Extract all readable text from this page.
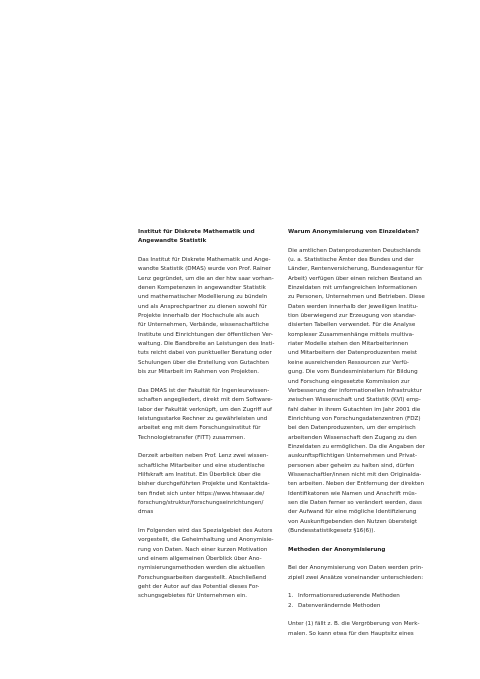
Institut für Diskrete Mathematik und
Angewandte Statistik
Das Institut für Diskrete Mathematik und Ange-
wandte Statistik (DMAS) wurde von Prof. Rainer
Lenz gegründet, um die an der htw saar vorhan-
denen Kompetenzen in angewandter Statistik
und mathematischer Modellierung zu bündeln
und als Ansprechpartner zu dienen sowohl für
Projekte innerhalb der Hochschule als auch
für Unternehmen, Verbände, wissenschaftliche
Institute und Einrichtungen der öffentlichen Ver-
waltung. Die Bandbreite an Leistungen des Insti-
tuts reicht dabei von punktueller Beratung oder
Schulungen über die Erstellung von Gutachten
bis zur Mitarbeit im Rahmen von Projekten.
Das DMAS ist der Fakultät für Ingenieurwissen-
schaften angegliedert, direkt mit dem Software-
labor der Fakultät verknüpft, um den Zugriff auf
leistungsstarke Rechner zu gewährleisten und
arbeitet eng mit dem Forschungsinstitut für
Technologietransfer (FITT) zusammen.
Derzeit arbeiten neben Prof. Lenz zwei wissen-
schaftliche Mitarbeiter und eine studentische
Hilfskraft am Institut. Ein Überblick über die
bisher durchgeführten Projekte und Kontaktda-
ten findet sich unter https://www.htwsaar.de/
forschung/struktur/forschungseinrichtungen/
dmas
Im Folgenden wird das Spezialgebiet des Autors
vorgestellt, die Geheimhaltung und Anonymisie-
rung von Daten. Nach einer kurzen Motivation
und einem allgemeinen Überblick über Ano-
nymisierungsmethoden werden die aktuellen
Forschungsarbeiten dargestellt. Abschließend
geht der Autor auf das Potential dieses For-
schungsgebietes für Unternehmen ein.
Warum Anonymisierung von Einzeldaten?
Die amtlichen Datenproduzenten Deutschlands
(u. a. Statistische Ämter des Bundes und der
Länder, Rentenversicherung, Bundesagentur für
Arbeit) verfügen über einen reichen Bestand an
Einzeldaten mit umfangreichen Informationen
zu Personen, Unternehmen und Betrieben. Diese
Daten werden innerhalb der jeweiligen Institu-
tion überwiegend zur Erzeugung von standar-
disierten Tabellen verwendet. Für die Analyse
komplexer Zusammenhänge mittels multiva-
riater Modelle stehen den Mitarbeiterinnen
und Mitarbeitern der Datenproduzenten meist
keine ausreichenden Ressourcen zur Verfü-
gung. Die vom Bundesministerium für Bildung
und Forschung eingesetzte Kommission zur
Verbesserung der informationellen Infrastruktur
zwischen Wissenschaft und Statistik (KVI) emp-
fahl daher in ihrem Gutachten im Jahr 2001 die
Einrichtung von Forschungsdatenzentren (FDZ)
bei den Datenproduzenten, um der empirisch
arbeitenden Wissenschaft den Zugang zu den
Einzeldaten zu ermöglichen. Da die Angaben der
auskunftspflichtigen Unternehmen und Privat-
personen aber geheim zu halten sind, dürfen
Wissenschaftler/innen nicht mit den Originalda-
ten arbeiten. Neben der Entfernung der direkten
Identifikatoren wie Namen und Anschrift müs-
sen die Daten ferner so verändert werden, dass
der Aufwand für eine mögliche Identifizierung
von Auskunftgebenden den Nutzen übersteigt
(Bundesstatistikgesetz §16(6)).
Methoden der Anonymisierung
Bei der Anonymisierung von Daten werden prin-
zipiell zwei Ansätze voneinander unterschieden:
1. Informationsreduzierende Methoden
2. Datenverändernde Methoden
Unter (1) fällt z. B. die Vergröberung von Merk-
malen. So kann etwa für den Hauptsitz eines
